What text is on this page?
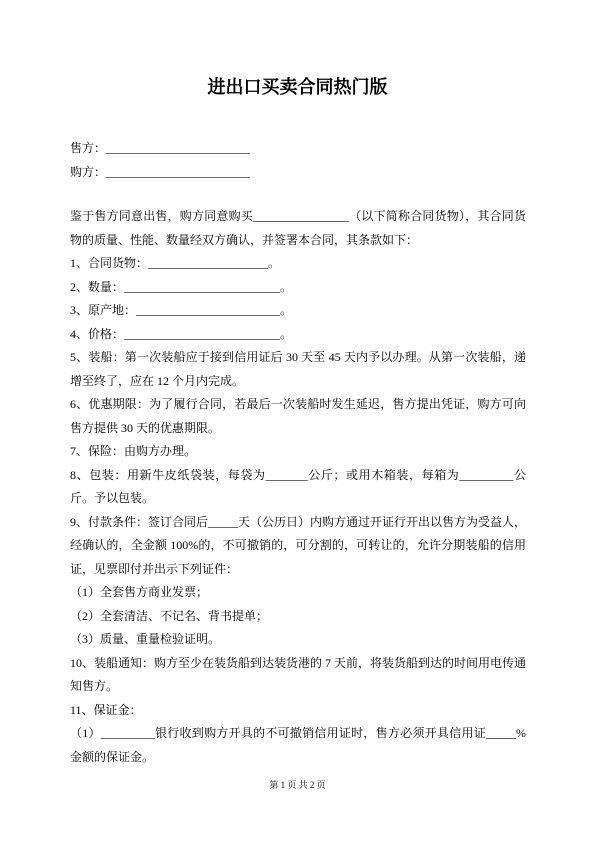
进出口买卖合同热门版

售方：________________________

购方：________________________

鉴于售方同意出售，购方同意购买________________（以下简称合同货物），其合同货物的质量、性能、数量经双方确认，并签署本合同，其条款如下：

1、合同货物：____________________。

2、数量：__________________________。

3、原产地：________________________。

4、价格：__________________________。

5、装船：第一次装船应于接到信用证后 30 天至 45 天内予以办理。从第一次装船，递增至终了，应在 12 个月内完成。

6、优惠期限：为了履行合同，若最后一次装船时发生延迟，售方提出凭证，购方可向售方提供 30 天的优惠期限。

7、保险：由购方办理。

8、包装：用新牛皮纸袋装，每袋为_______公斤；或用木箱装，每箱为_________公斤。予以包装。

9、付款条件：签订合同后_____天（公历日）内购方通过开证行开出以售方为受益人，经确认的，全金额 100%的，不可撤销的，可分割的，可转让的，允许分期装船的信用证，见票即付并出示下列证件：

（1）全套售方商业发票；

（2）全套清洁、不记名、背书提单；

（3）质量、重量检验证明。

10、装船通知：购方至少在装货船到达装货港的 7 天前，将装货船到达的时间用电传通知售方。

11、保证金：

（1）_________银行收到购方开具的不可撤销信用证时，售方必须开具信用证_____%金额的保证金。

第 1 页 共 2 页
